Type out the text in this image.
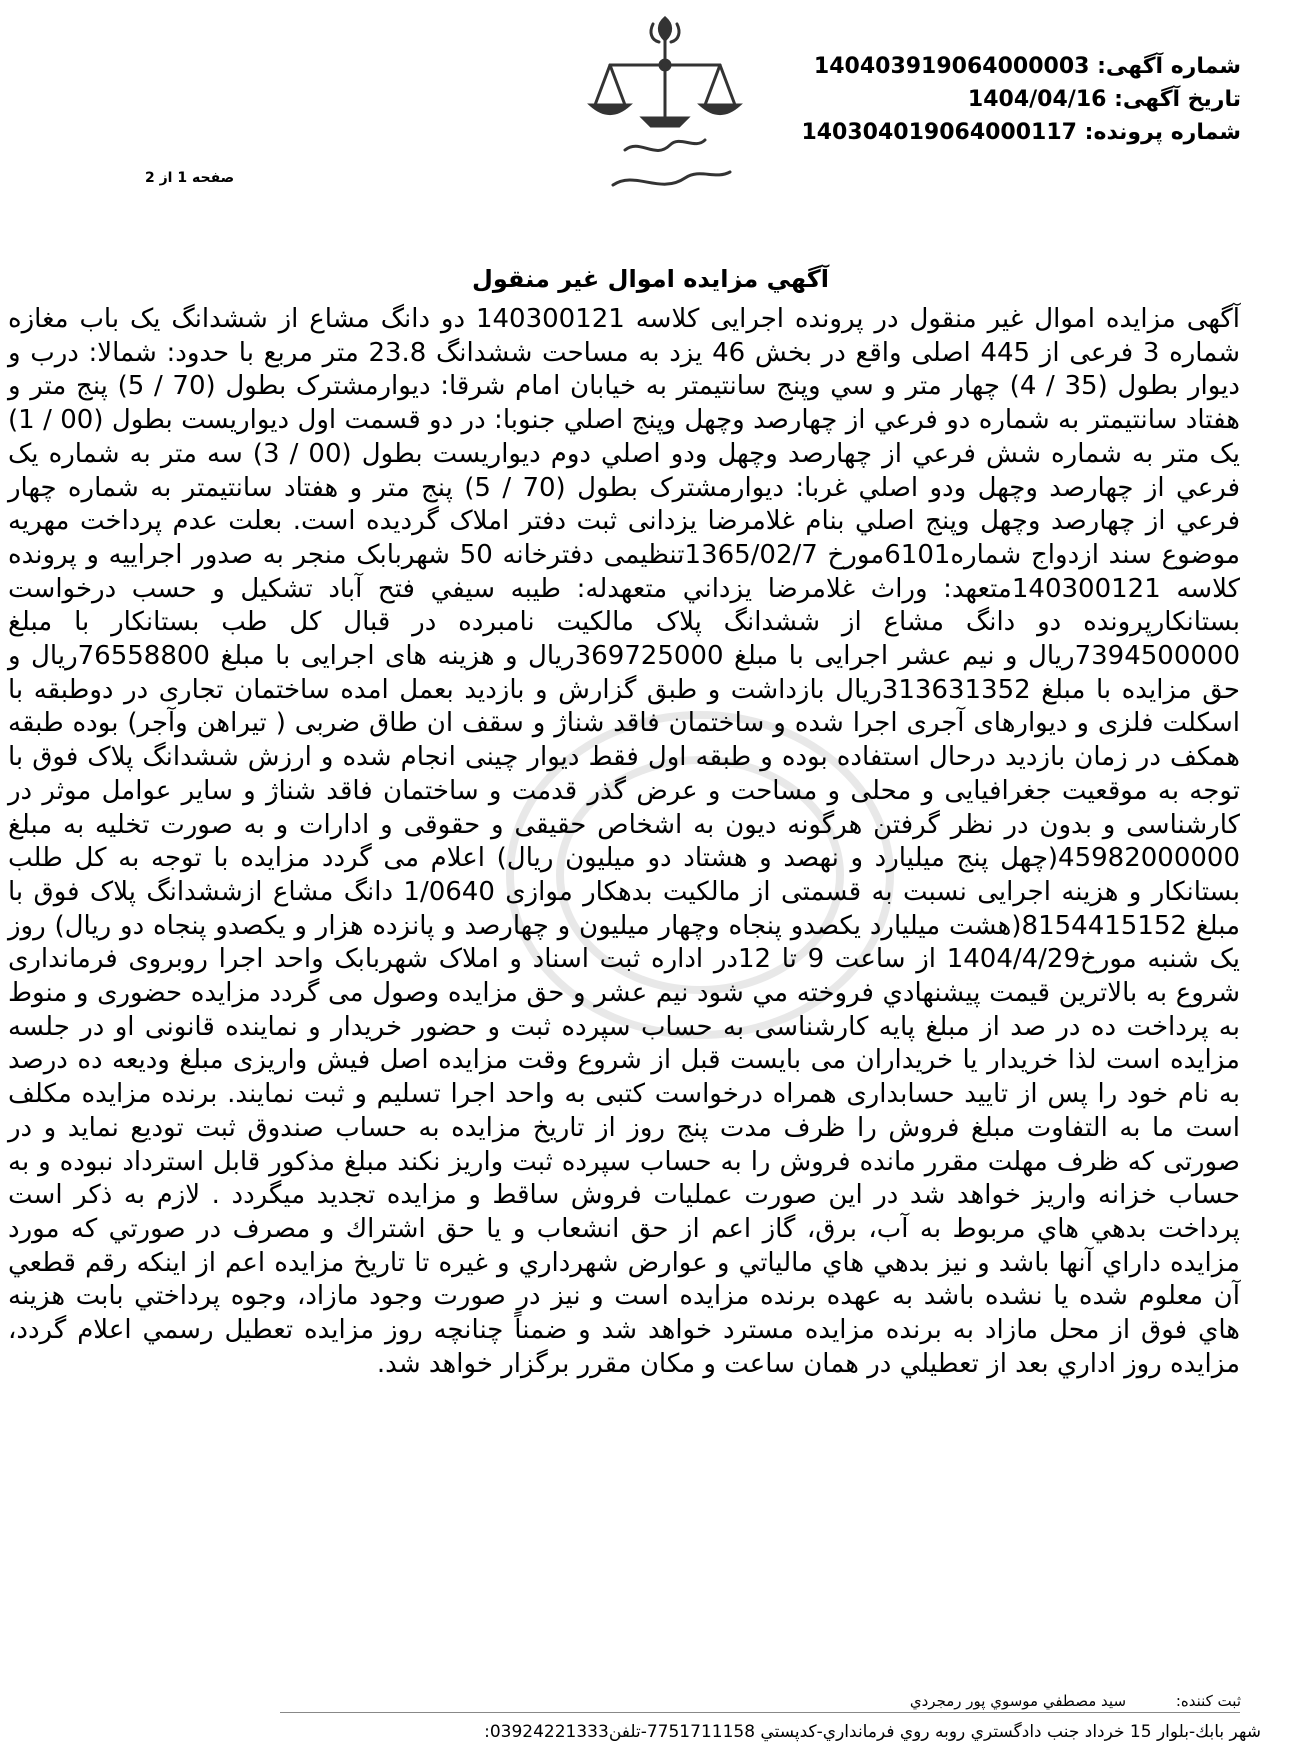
شماره آگهی: 140403919064000003
تاریخ آگهی: 1404/04/16
شماره پرونده: 14030401906400011​7
صفحه 1 از 2
آگهي مزايده اموال غير منقول

آگهی مزایده اموال غیر منقول در پرونده اجرایی کلاسه 140300121 دو دانگ مشاع از ششدانگ یک باب مغازه شماره 3 فرعی از 445 اصلی واقع در بخش 46 یزد به مساحت ششدانگ 23.8 متر مربع با حدود: شمالا: درب و دیوار بطول (35 / 4) چهار متر و سي وپنج سانتيمتر به خيابان امام شرقا: ديوارمشترک بطول (70 / 5) پنج متر و هفتاد سانتيمتر به شماره دو فرعي از چهارصد وچهل وپنج اصلي جنوبا: در دو قسمت اول ديواريست بطول (00 / 1) يک متر به شماره شش فرعي از چهارصد وچهل ودو اصلي دوم ديواريست بطول (00 / 3) سه متر به شماره يک فرعي از چهارصد وچهل ودو اصلي غربا: ديوارمشترک بطول (70 / 5) پنج متر و هفتاد سانتيمتر به شماره چهار فرعي از چهارصد وچهل وپنج اصلي بنام غلامرضا يزدانی ثبت دفتر املاک گرديده است. بعلت عدم پرداخت مهريه موضوع سند ازدواج شماره6101مورخ 1365/02/7تنظيمی دفترخانه 50 شهربابک منجر به صدور اجراييه و پرونده کلاسه 140300121متعهد: وراث غلامرضا يزداني متعهدله: طيبه سيفي فتح آباد تشکيل و حسب درخواست بستانکارپرونده دو دانگ مشاع از ششدانگ پلاک مالکيت نامبرده در قبال کل طب بستانکار با مبلغ 7394500000ريال و نيم عشر اجرايی با مبلغ 369725000ريال و هزينه های اجرايی با مبلغ 76558800ريال و حق مزايده با مبلغ 313631352ريال بازداشت و طبق گزارش و بازديد بعمل امده ساختمان تجاری در دوطبقه با اسکلت فلزی و ديوارهای آجری اجرا شده و ساختمان فاقد شناژ و سقف ان طاق ضربی ( تيراهن وآجر) بوده طبقه همکف در زمان بازديد درحال استفاده بوده و طبقه اول فقط ديوار چينی انجام شده و ارزش ششدانگ پلاک فوق با توجه به موقعيت جغرافيايی و محلی و مساحت و عرض گذر قدمت و ساختمان فاقد شناژ و ساير عوامل موثر در کارشناسی و بدون در نظر گرفتن هرگونه ديون به اشخاص حقيقی و حقوقی و ادارات و به صورت تخليه به مبلغ 45982000000(چهل پنج ميليارد و نهصد و هشتاد دو ميليون ريال) اعلام می گردد مزايده با توجه به کل طلب بستانکار و هزينه اجرايی نسبت به قسمتی از مالکيت بدهکار موازی 1/0640 دانگ مشاع ازششدانگ پلاک فوق با مبلغ 8154415152(هشت ميليارد يکصدو پنجاه وچهار ميليون و چهارصد و پانزده هزار و يکصدو پنجاه دو ريال) روز يک شنبه مورخ1404/4/29 از ساعت 9 تا 12در اداره ثبت اسناد و املاک شهربابک واحد اجرا روبروی فرمانداری شروع به بالاترين قيمت پيشنهادي فروخته مي شود نيم عشر و حق مزايده وصول می گردد مزايده حضوری و منوط به پرداخت ده در صد از مبلغ پايه کارشناسی به حساب سپرده ثبت و حضور خريدار و نماينده قانونی او در جلسه مزايده است لذا خريدار يا خريداران می بايست قبل از شروع وقت مزايده اصل فيش واريزی مبلغ وديعه ده درصد به نام خود را پس از تاييد حسابداری همراه درخواست کتبی به واحد اجرا تسليم و ثبت نمايند. برنده مزايده مکلف است ما به التفاوت مبلغ فروش را ظرف مدت پنج روز از تاريخ مزايده به حساب صندوق ثبت توديع نمايد و در صورتی که ظرف مهلت مقرر مانده فروش را به حساب سپرده ثبت واريز نکند مبلغ مذکور قابل استرداد نبوده و به حساب خزانه واريز خواهد شد در اين صورت عمليات فروش ساقط و مزايده تجديد ميگردد . لازم به ذکر است پرداخت بدهي هاي مربوط به آب، برق، گاز اعم از حق انشعاب و يا حق اشتراك و مصرف در صورتي كه مورد مزايده داراي آنها باشد و نيز بدهي هاي مالياتي و عوارض شهرداري و غيره تا تاريخ مزايده اعم از اينكه رقم قطعي آن معلوم شده يا نشده باشد به عهده برنده مزايده است و نيز در صورت وجود مازاد، وجوه پرداختي بابت هزينه هاي فوق از محل مازاد به برنده مزايده مسترد خواهد شد و ضمناً چنانچه روز مزايده تعطيل رسمي اعلام گردد، مزايده روز اداري بعد از تعطيلي در همان ساعت و مكان مقرر برگزار خواهد شد.

ثبت كننده: سيد مصطفي موسوي پور رمجردي
شهر بابك-بلوار 15 خرداد جنب دادگستري روبه روي فرمانداري-كدپستي 7751711158-تلفن03924221333:
